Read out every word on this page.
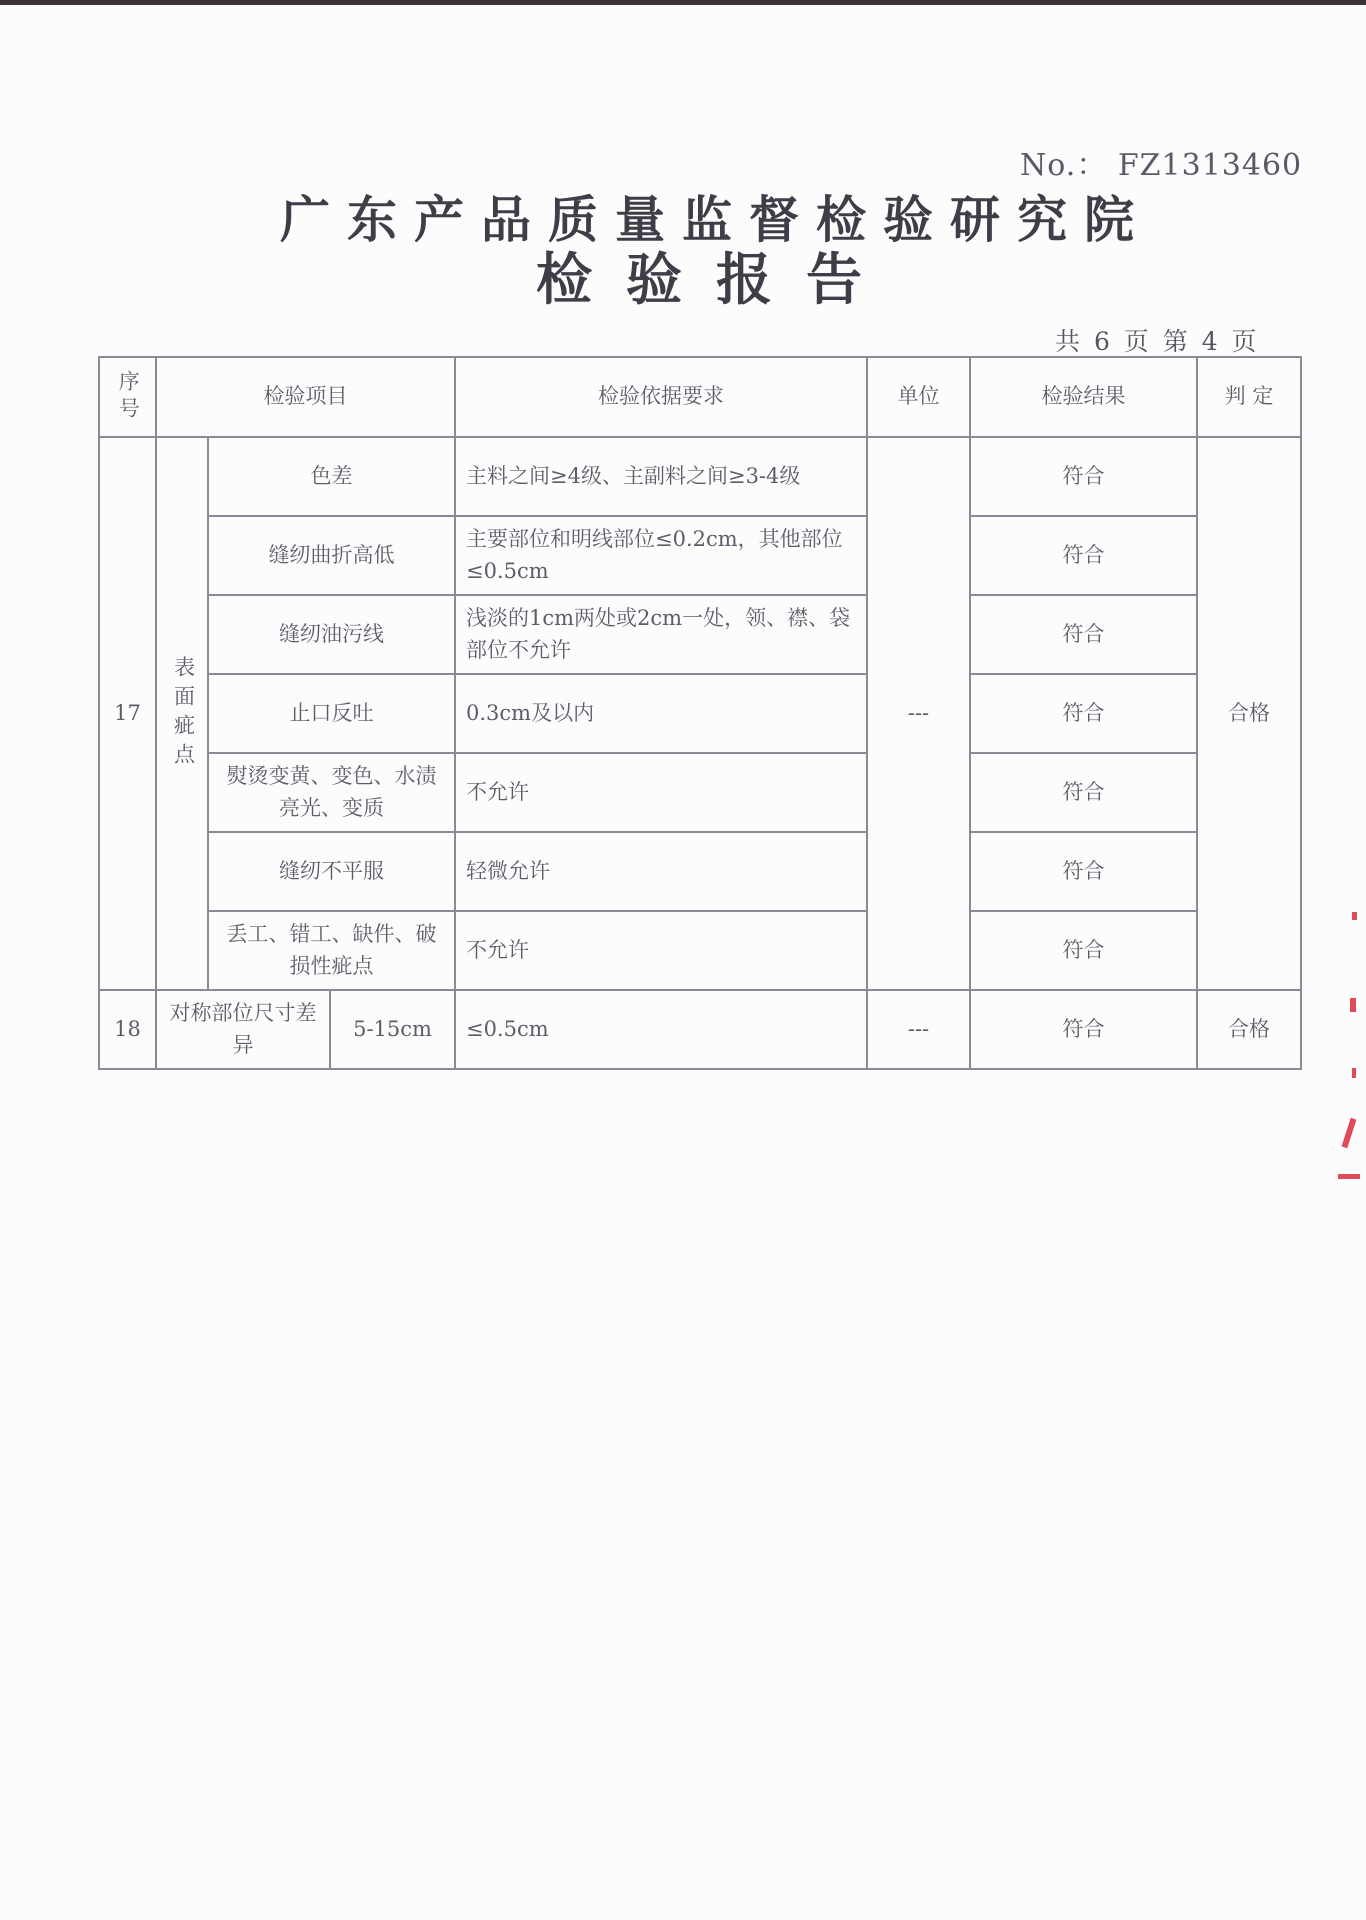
No.： FZ1313460
广东产品质量监督检验研究院
检验报告
共 6 页 第 4 页
序号	检验项目			检验依据要求	单位	检验结果	判 定
17	表面疵点	色差		主料之间≥4级、主副料之间≥3-4级	---	符合	合格
		缝纫曲折高低		主要部位和明线部位≤0.2cm，其他部位≤0.5cm		符合	
		缝纫油污线		浅淡的1cm两处或2cm一处，领、襟、袋部位不允许		符合	
		止口反吐		0.3cm及以内		符合	
		熨烫变黄、变色、水渍亮光、变质		不允许		符合	
		缝纫不平服		轻微允许		符合	
		丢工、错工、缺件、破损性疵点		不允许		符合	
18	对称部位尺寸差异		5-15cm	≤0.5cm	---	符合	合格
